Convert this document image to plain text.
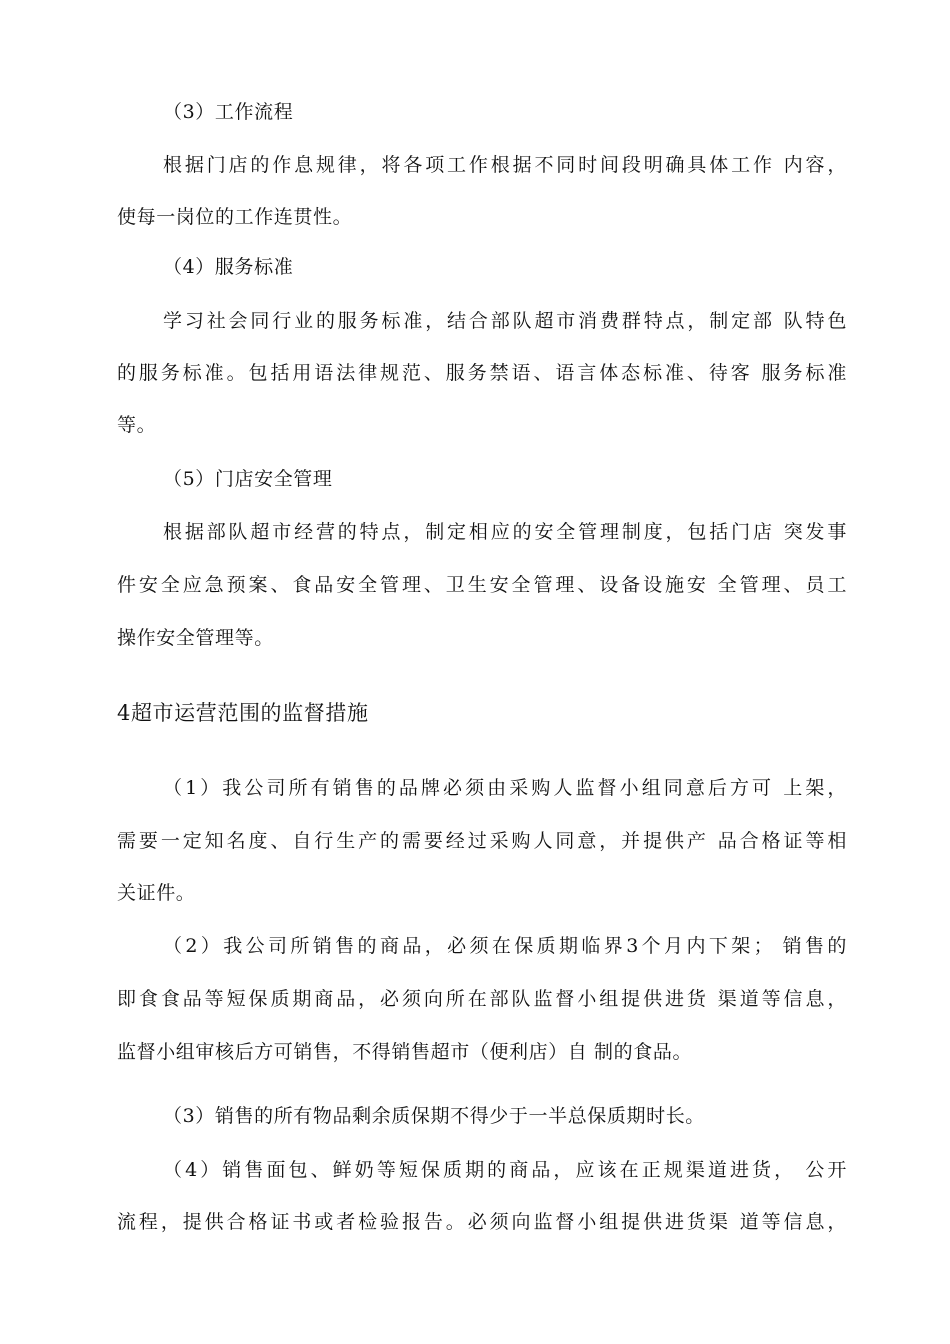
（3）工作流程
根据门店的作息规律，将各项工作根据不同时间段明确具体工作 内容，
使每一岗位的工作连贯性。
（4）服务标准
学习社会同行业的服务标准，结合部队超市消费群特点，制定部 队特色
的服务标准。包括用语法律规范、服务禁语、语言体态标准、待客 服务标准
等。
（5）门店安全管理
根据部队超市经营的特点，制定相应的安全管理制度，包括门店 突发事
件安全应急预案、食品安全管理、卫生安全管理、设备设施安 全管理、员工
操作安全管理等。
4超市运营范围的监督措施
（1）我公司所有销售的品牌必须由采购人监督小组同意后方可 上架，
需要一定知名度、自行生产的需要经过采购人同意，并提供产 品合格证等相
关证件。
（2）我公司所销售的商品，必须在保质期临界3个月内下架； 销售的
即食食品等短保质期商品，必须向所在部队监督小组提供进货 渠道等信息，
监督小组审核后方可销售，不得销售超市（便利店）自 制的食品。
（3）销售的所有物品剩余质保期不得少于一半总保质期时长。
（4）销售面包、鲜奶等短保质期的商品，应该在正规渠道进货， 公开
流程，提供合格证书或者检验报告。必须向监督小组提供进货渠 道等信息，
